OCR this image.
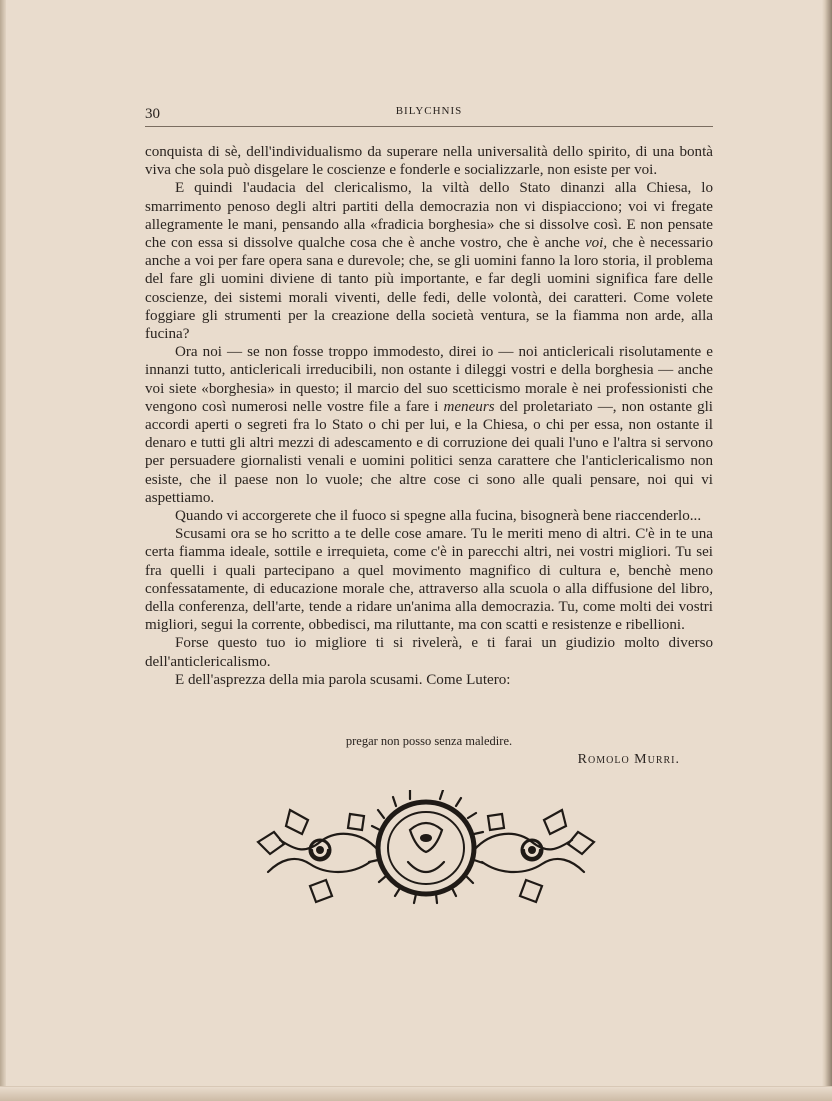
30	BILYCHNIS

conquista di sè, dell'individualismo da superare nella universalità dello spirito, di una bontà viva che sola può disgelare le coscienze e fonderle e socializzarle, non esiste per voi.

E quindi l'audacia del clericalismo, la viltà dello Stato dinanzi alla Chiesa, lo smarrimento penoso degli altri partiti della democrazia non vi dispiacciono; voi vi fregate allegramente le mani, pensando alla «fradicia borghesia» che si dissolve così. E non pensate che con essa si dissolve qualche cosa che è anche vostro, che è anche voi, che è necessario anche a voi per fare opera sana e durevole; che, se gli uomini fanno la loro storia, il problema del fare gli uomini diviene di tanto più importante, e far degli uomini significa fare delle coscienze, dei sistemi morali viventi, delle fedi, delle volontà, dei caratteri. Come volete foggiare gli strumenti per la creazione della società ventura, se la fiamma non arde, alla fucina?

Ora noi — se non fosse troppo immodesto, direi io — noi anticlericali risolutamente e innanzi tutto, anticlericali irreducibili, non ostante i dileggi vostri e della borghesia — anche voi siete «borghesia» in questo; il marcio del suo scetticismo morale è nei professionisti che vengono così numerosi nelle vostre file a fare i meneurs del proletariato —, non ostante gli accordi aperti o segreti fra lo Stato o chi per lui, e la Chiesa, o chi per essa, non ostante il denaro e tutti gli altri mezzi di adescamento e di corruzione dei quali l'uno e l'altra si servono per persuadere giornalisti venali e uomini politici senza carattere che l'anticlericalismo non esiste, che il paese non lo vuole; che altre cose ci sono alle quali pensare, noi qui vi aspettiamo.

Quando vi accorgerete che il fuoco si spegne alla fucina, bisognerà bene riaccenderlo...

Scusami ora se ho scritto a te delle cose amare. Tu le meriti meno di altri. C'è in te una certa fiamma ideale, sottile e irrequieta, come c'è in parecchi altri, nei vostri migliori. Tu sei fra quelli i quali partecipano a quel movimento magnifico di cultura e, benchè meno confessatamente, di educazione morale che, attraverso alla scuola o alla diffusione del libro, della conferenza, dell'arte, tende a ridare un'anima alla democrazia. Tu, come molti dei vostri migliori, segui la corrente, obbedisci, ma riluttante, ma con scatti e resistenze e ribellioni.

Forse questo tuo io migliore ti si rivelerà, e ti farai un giudizio molto diverso dell'anticlericalismo.

E dell'asprezza della mia parola scusami. Come Lutero:

pregar non posso senza maledire.
Romolo Murri.
